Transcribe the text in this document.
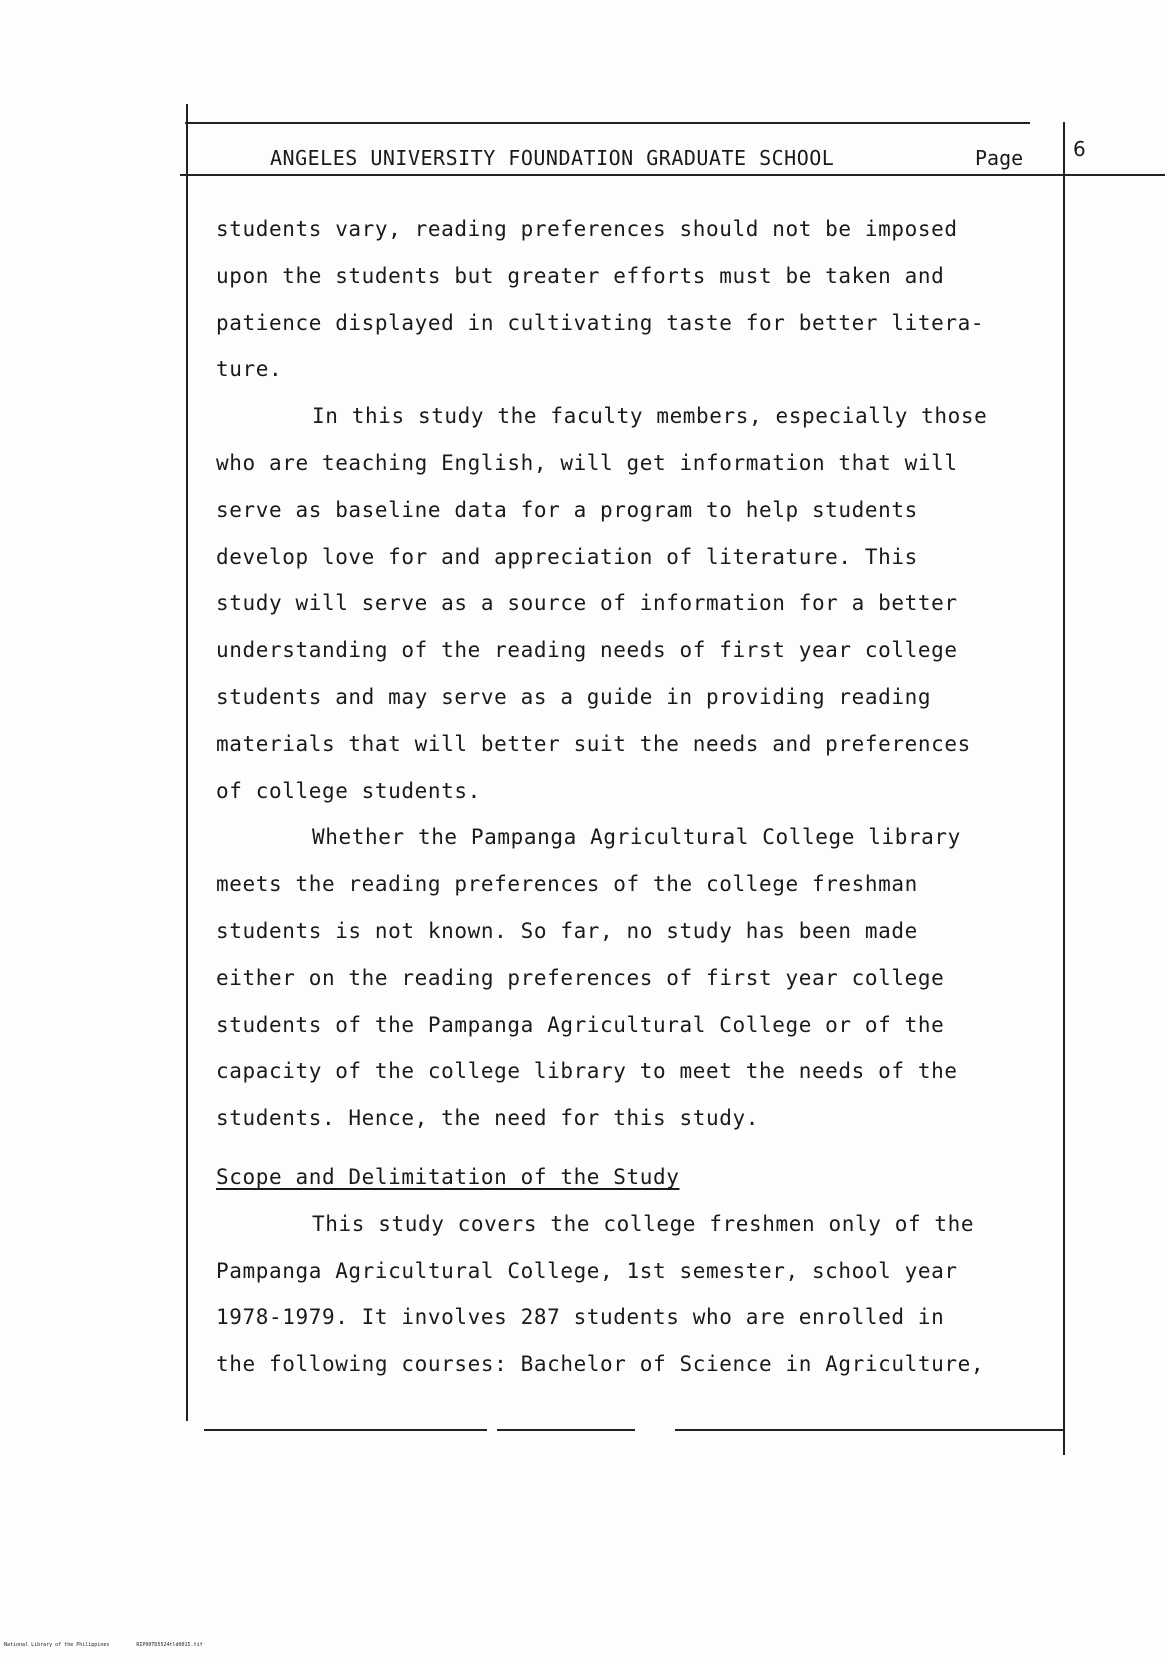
ANGELES UNIVERSITY FOUNDATION GRADUATE SCHOOL	Page 6
students vary, reading preferences should not be imposed
upon the students but greater efforts must be taken and
patience displayed in cultivating taste for better litera-
ture.
In this study the faculty members, especially those
who are teaching English, will get information that will
serve as baseline data for a program to help students
develop love for and appreciation of literature. This
study will serve as a source of information for a better
understanding of the reading needs of first year college
students and may serve as a guide in providing reading
materials that will better suit the needs and preferences
of college students.
Whether the Pampanga Agricultural College library
meets the reading preferences of the college freshman
students is not known. So far, no study has been made
either on the reading preferences of first year college
students of the Pampanga Agricultural College or of the
capacity of the college library to meet the needs of the
students. Hence, the need for this study.
Scope and Delimitation of the Study
This study covers the college freshmen only of the
Pampanga Agricultural College, 1st semester, school year
1978-1979. It involves 287 students who are enrolled in
the following courses: Bachelor of Science in Agriculture,
National Library of the Philippines	RIP00TD5524tld0015.tif
